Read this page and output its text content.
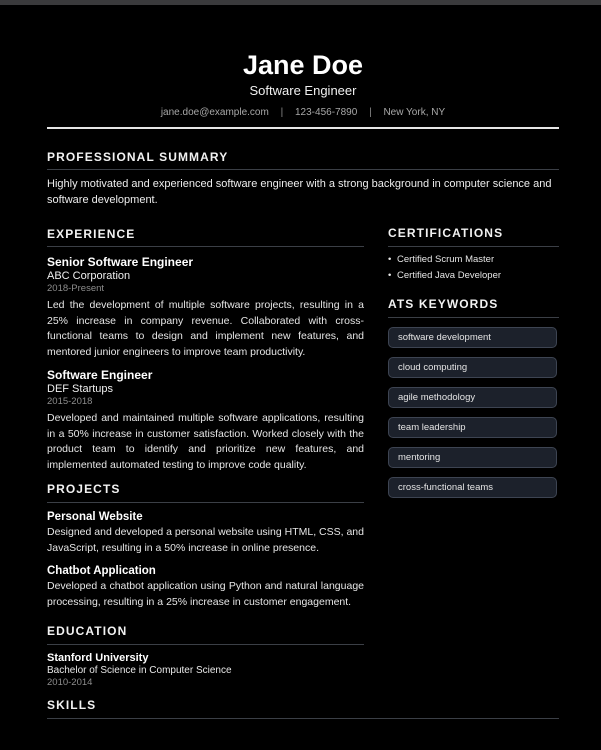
Jane Doe
Software Engineer
jane.doe@example.com | 123-456-7890 | New York, NY
PROFESSIONAL SUMMARY
Highly motivated and experienced software engineer with a strong background in computer science and software development.
EXPERIENCE
Senior Software Engineer
ABC Corporation
2018-Present
Led the development of multiple software projects, resulting in a 25% increase in company revenue. Collaborated with cross-functional teams to design and implement new features, and mentored junior engineers to improve team productivity.
Software Engineer
DEF Startups
2015-2018
Developed and maintained multiple software applications, resulting in a 50% increase in customer satisfaction. Worked closely with the product team to identify and prioritize new features, and implemented automated testing to improve code quality.
PROJECTS
Personal Website
Designed and developed a personal website using HTML, CSS, and JavaScript, resulting in a 50% increase in online presence.
Chatbot Application
Developed a chatbot application using Python and natural language processing, resulting in a 25% increase in customer engagement.
EDUCATION
Stanford University
Bachelor of Science in Computer Science
2010-2014
SKILLS
CERTIFICATIONS
• Certified Scrum Master
• Certified Java Developer
ATS KEYWORDS
software development
cloud computing
agile methodology
team leadership
mentoring
cross-functional teams
